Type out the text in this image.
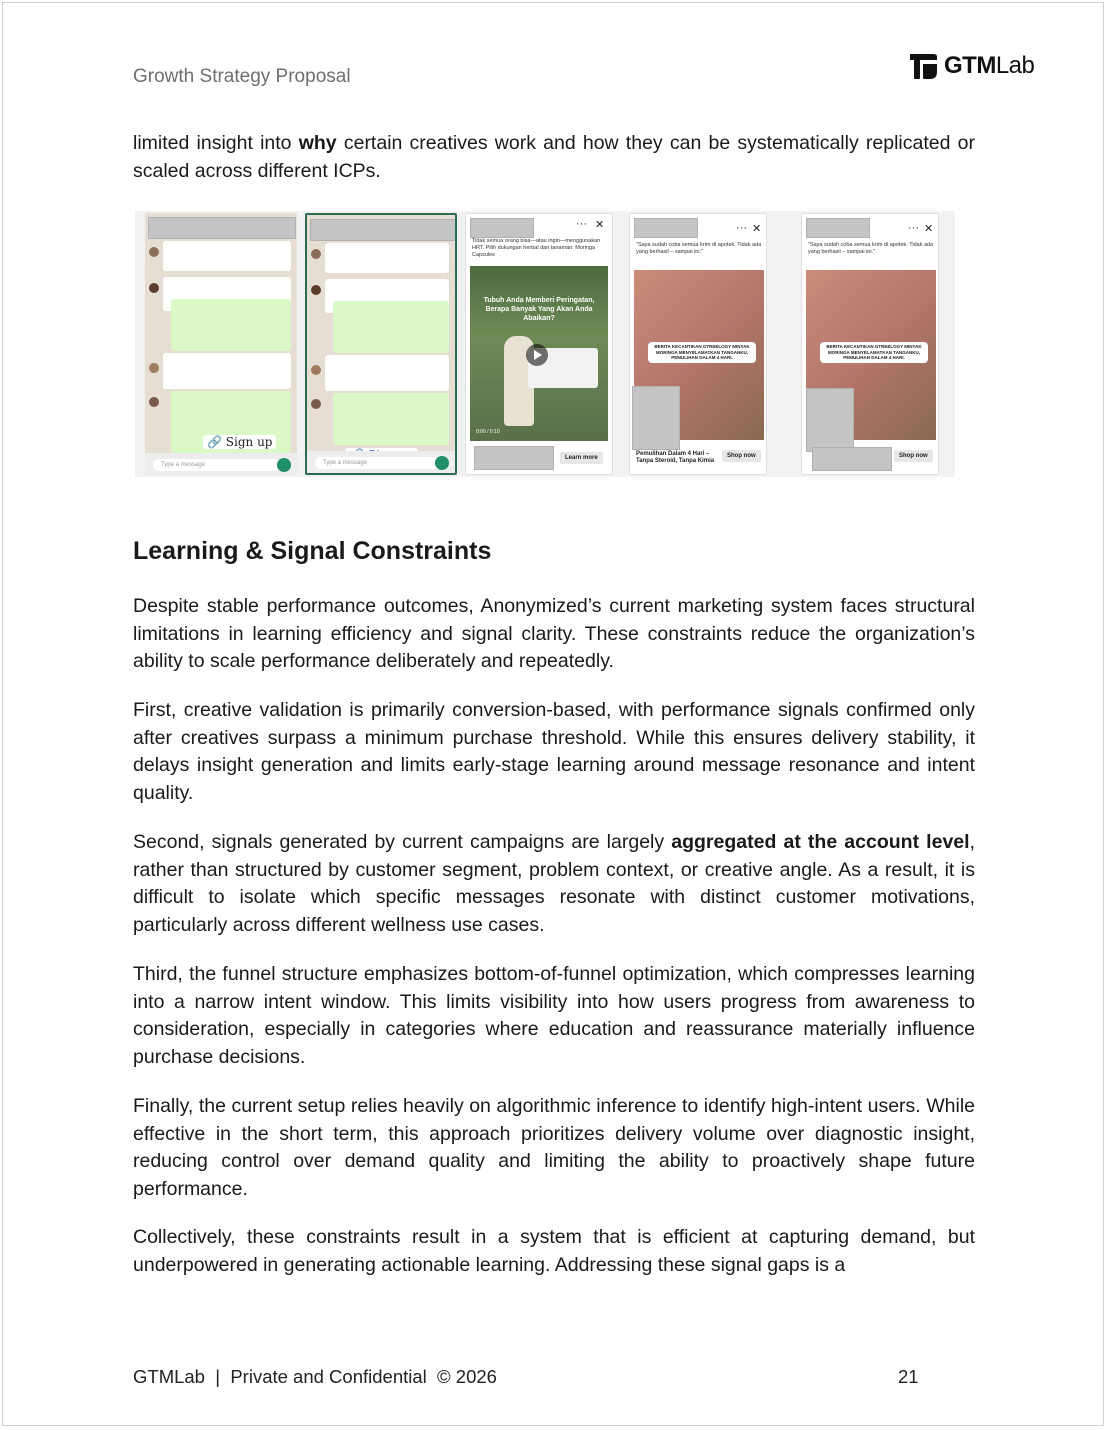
Growth Strategy Proposal	GTMLab
limited insight into why certain creatives work and how they can be systematically replicated or scaled across different ICPs.
🔗 Sign up
Type a message	Type a message
··· ✕
Tidak semua orang bisa—atau ingin—menggunakan HRT. Pilih dukungan herbal dari tanaman: Moringa Capsules
Tubuh Anda Memberi Peringatan, Berapa Banyak Yang Akan Anda Abaikan?
0:00 / 0:10
Learn more
··· ✕
"Saya sudah coba semua krim di apotek. Tidak ada yang berhasil – sampai ini."
BERITA KECANTIKAN GTREELOGY MINYAK MORINGA MENYELAMATKAN TANGANKU, PEMULIHAN DALAM 4 HARI.
Pemulihan Dalam 4 Hari – Tanpa Steroid, Tanpa Kimia
Shop now
··· ✕
"Saya sudah coba semua krim di apotek. Tidak ada yang berhasil – sampai ini."
BERITA KECANTIKAN GTREELOGY MINYAK MORINGA MENYELAMATKAN TANGANKU, PEMULIHAN DALAM 4 HARI.
Shop now
Learning & Signal Constraints
Despite stable performance outcomes, Anonymized’s current marketing system faces structural limitations in learning efficiency and signal clarity. These constraints reduce the organization’s ability to scale performance deliberately and repeatedly.
First, creative validation is primarily conversion-based, with performance signals confirmed only after creatives surpass a minimum purchase threshold. While this ensures delivery stability, it delays insight generation and limits early-stage learning around message resonance and intent quality.
Second, signals generated by current campaigns are largely aggregated at the account level, rather than structured by customer segment, problem context, or creative angle. As a result, it is difficult to isolate which specific messages resonate with distinct customer motivations, particularly across different wellness use cases.
Third, the funnel structure emphasizes bottom-of-funnel optimization, which compresses learning into a narrow intent window. This limits visibility into how users progress from awareness to consideration, especially in categories where education and reassurance materially influence purchase decisions.
Finally, the current setup relies heavily on algorithmic inference to identify high-intent users. While effective in the short term, this approach prioritizes delivery volume over diagnostic insight, reducing control over demand quality and limiting the ability to proactively shape future performance.
Collectively, these constraints result in a system that is efficient at capturing demand, but underpowered in generating actionable learning. Addressing these signal gaps is a
GTMLab  |  Private and Confidential  © 2026	21
